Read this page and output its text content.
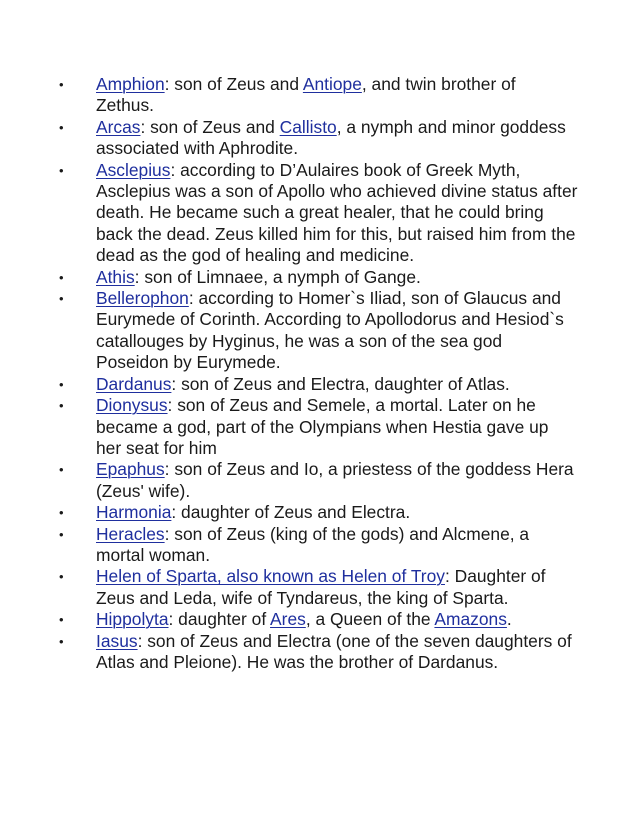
• Amphion: son of Zeus and Antiope, and twin brother of Zethus.
• Arcas: son of Zeus and Callisto, a nymph and minor goddess associated with Aphrodite.
• Asclepius: according to D’Aulaires book of Greek Myth, Asclepius was a son of Apollo who achieved divine status after death. He became such a great healer, that he could bring back the dead. Zeus killed him for this, but raised him from the dead as the god of healing and medicine.
• Athis: son of Limnaee, a nymph of Gange.
• Bellerophon: according to Homer`s Iliad, son of Glaucus and Eurymede of Corinth. According to Apollodorus and Hesiod`s catallouges by Hyginus, he was a son of the sea god Poseidon by Eurymede.
• Dardanus: son of Zeus and Electra, daughter of Atlas.
• Dionysus: son of Zeus and Semele, a mortal. Later on he became a god, part of the Olympians when Hestia gave up her seat for him
• Epaphus: son of Zeus and Io, a priestess of the goddess Hera (Zeus' wife).
• Harmonia: daughter of Zeus and Electra.
• Heracles: son of Zeus (king of the gods) and Alcmene, a mortal woman.
• Helen of Sparta, also known as Helen of Troy: Daughter of Zeus and Leda, wife of Tyndareus, the king of Sparta.
• Hippolyta: daughter of Ares, a Queen of the Amazons.
• Iasus: son of Zeus and Electra (one of the seven daughters of Atlas and Pleione). He was the brother of Dardanus.
